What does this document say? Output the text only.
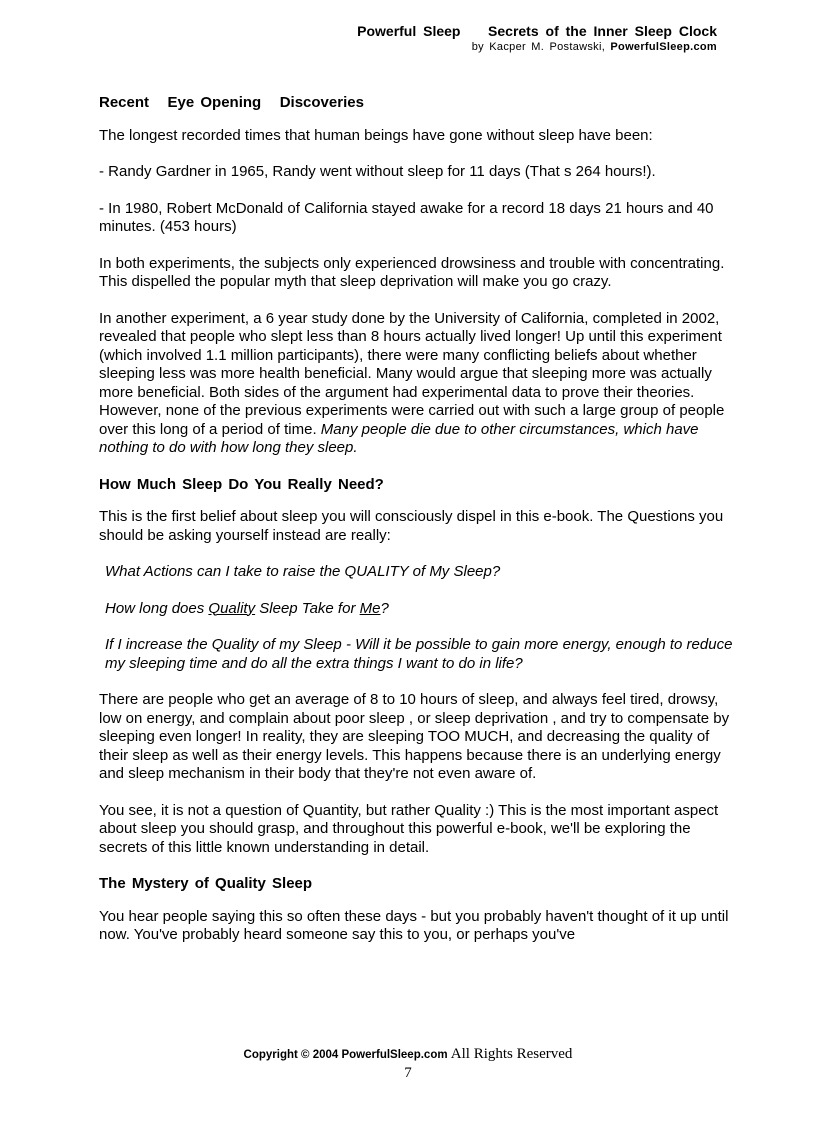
Powerful Sleep    Secrets of the Inner Sleep Clock
by Kacper M. Postawski, PowerfulSleep.com

Recent   Eye Opening   Discoveries

The longest recorded times that human beings have gone without sleep have been:

- Randy Gardner in 1965, Randy went without sleep for 11 days (That s 264 hours!).

- In 1980, Robert McDonald of California stayed awake for a record 18 days 21 hours and 40 minutes. (453 hours)

In both experiments, the subjects only experienced drowsiness and trouble with concentrating. This dispelled the popular myth that sleep deprivation will make you go crazy.

In another experiment, a 6 year study done by the University of California, completed in 2002, revealed that people who slept less than 8 hours actually lived longer! Up until this experiment (which involved 1.1 million participants), there were many conflicting beliefs about whether sleeping less was more health beneficial. Many would argue that sleeping more was actually more beneficial. Both sides of the argument had experimental data to prove their theories. However, none of the previous experiments were carried out with such a large group of people over this long of a period of time. Many people die due to other circumstances, which have nothing to do with how long they sleep.

How Much Sleep Do You Really Need?

This is the first belief about sleep you will consciously dispel in this e-book. The Questions you should be asking yourself instead are really:

What Actions can I take to raise the QUALITY of My Sleep?

How long does Quality Sleep Take for Me?

If I increase the Quality of my Sleep - Will it be possible to gain more energy, enough to reduce my sleeping time and do all the extra things I want to do in life?

There are people who get an average of 8 to 10 hours of sleep, and always feel tired, drowsy, low on energy, and complain about poor sleep , or sleep deprivation , and try to compensate by sleeping even longer! In reality, they are sleeping TOO MUCH, and decreasing the quality of their sleep as well as their energy levels. This happens because there is an underlying energy and sleep mechanism in their body that they're not even aware of.

You see, it is not a question of Quantity, but rather Quality :) This is the most important aspect about sleep you should grasp, and throughout this powerful e-book, we'll be exploring the secrets of this little known understanding in detail.

The Mystery of Quality Sleep

You hear people saying this so often these days - but you probably haven't thought of it up until now. You've probably heard someone say this to you, or perhaps you've

Copyright © 2004 PowerfulSleep.com All Rights Reserved
7
